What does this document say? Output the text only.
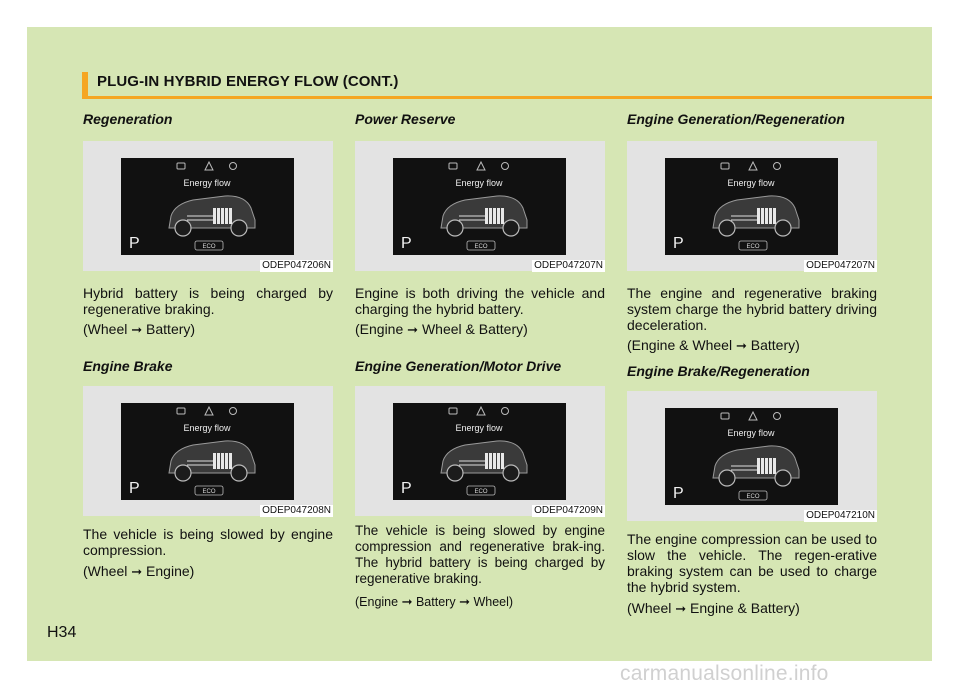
PLUG-IN HYBRID ENERGY FLOW (CONT.)
Regeneration
Energy flow
P	ECO
ODEP047206N
Hybrid battery is being charged by regenerative braking.
(Wheel ➞ Battery)
Engine Brake
Energy flow
P	ECO
ODEP047208N
The vehicle is being slowed by engine compression.
(Wheel ➞ Engine)
Power Reserve
Energy flow
P	ECO
ODEP047207N
Engine is both driving the vehicle and charging the hybrid battery.
(Engine ➞ Wheel & Battery)
Engine Generation/Motor Drive
Energy flow
P	ECO
ODEP047209N
The vehicle is being slowed by engine compression and regenerative brak-ing. The hybrid battery is being charged by regenerative braking.
(Engine ➞ Battery ➞ Wheel)
Engine Generation/Regeneration
Energy flow
P	ECO
ODEP047207N
The engine and regenerative braking system charge the hybrid battery driving deceleration.
(Engine & Wheel ➞ Battery)
Engine Brake/Regeneration
Energy flow
P	ECO
ODEP047210N
The engine compression can be used to slow the vehicle. The regen-erative braking system can be used to charge the hybrid system.
(Wheel ➞ Engine & Battery)
H34
carmanualsonline.info
